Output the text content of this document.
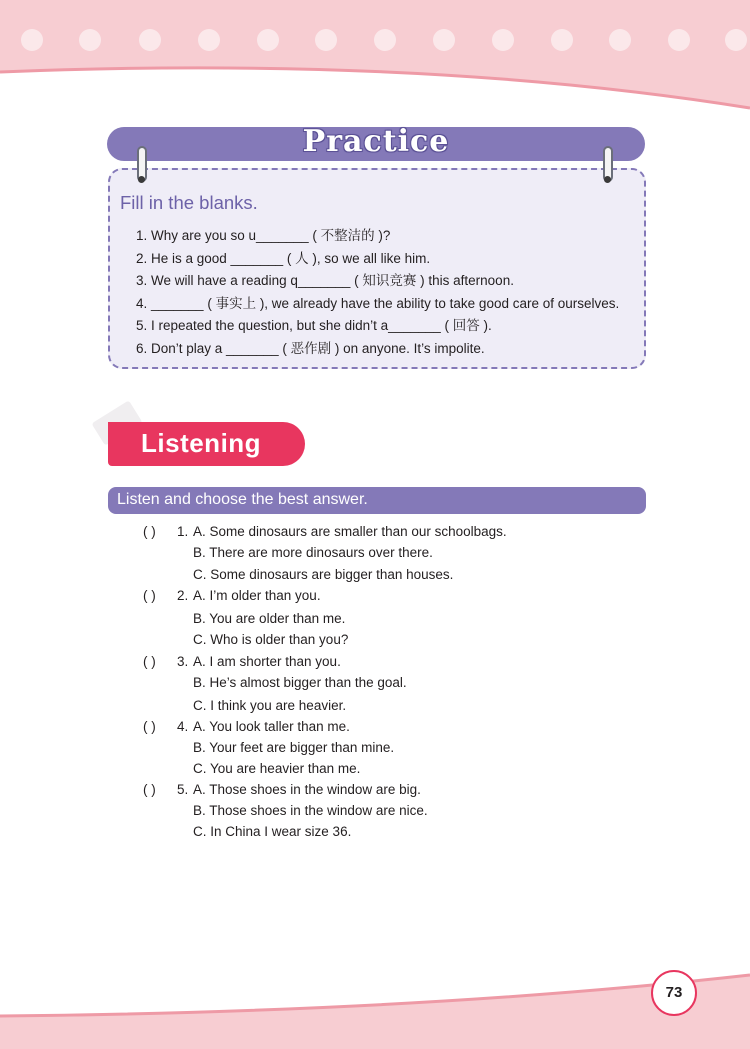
Practice
Fill in the blanks.
1. Why are you so u_______ ( 不整洁的 )?
2. He is a good _______ ( 人 ), so we all like him.
3. We will have a reading q_______ ( 知识竞赛 ) this afternoon.
4. _______ ( 事实上 ), we already have the ability to take good care of ourselves.
5. I repeated the question, but she didn’t a_______ ( 回答 ).
6. Don’t play a _______ ( 恶作剧 ) on anyone. It’s impolite.
Listening
Listen and choose the best answer.
( ) 1. A. Some dinosaurs are smaller than our schoolbags.
B. There are more dinosaurs over there.
C. Some dinosaurs are bigger than houses.
( ) 2. A. I’m older than you.
B. You are older than me.
C. Who is older than you?
( ) 3. A. I am shorter than you.
B. He’s almost bigger than the goal.
C. I think you are heavier.
( ) 4. A. You look taller than me.
B. Your feet are bigger than mine.
C. You are heavier than me.
( ) 5. A. Those shoes in the window are big.
B. Those shoes in the window are nice.
C. In China I wear size 36.
73
